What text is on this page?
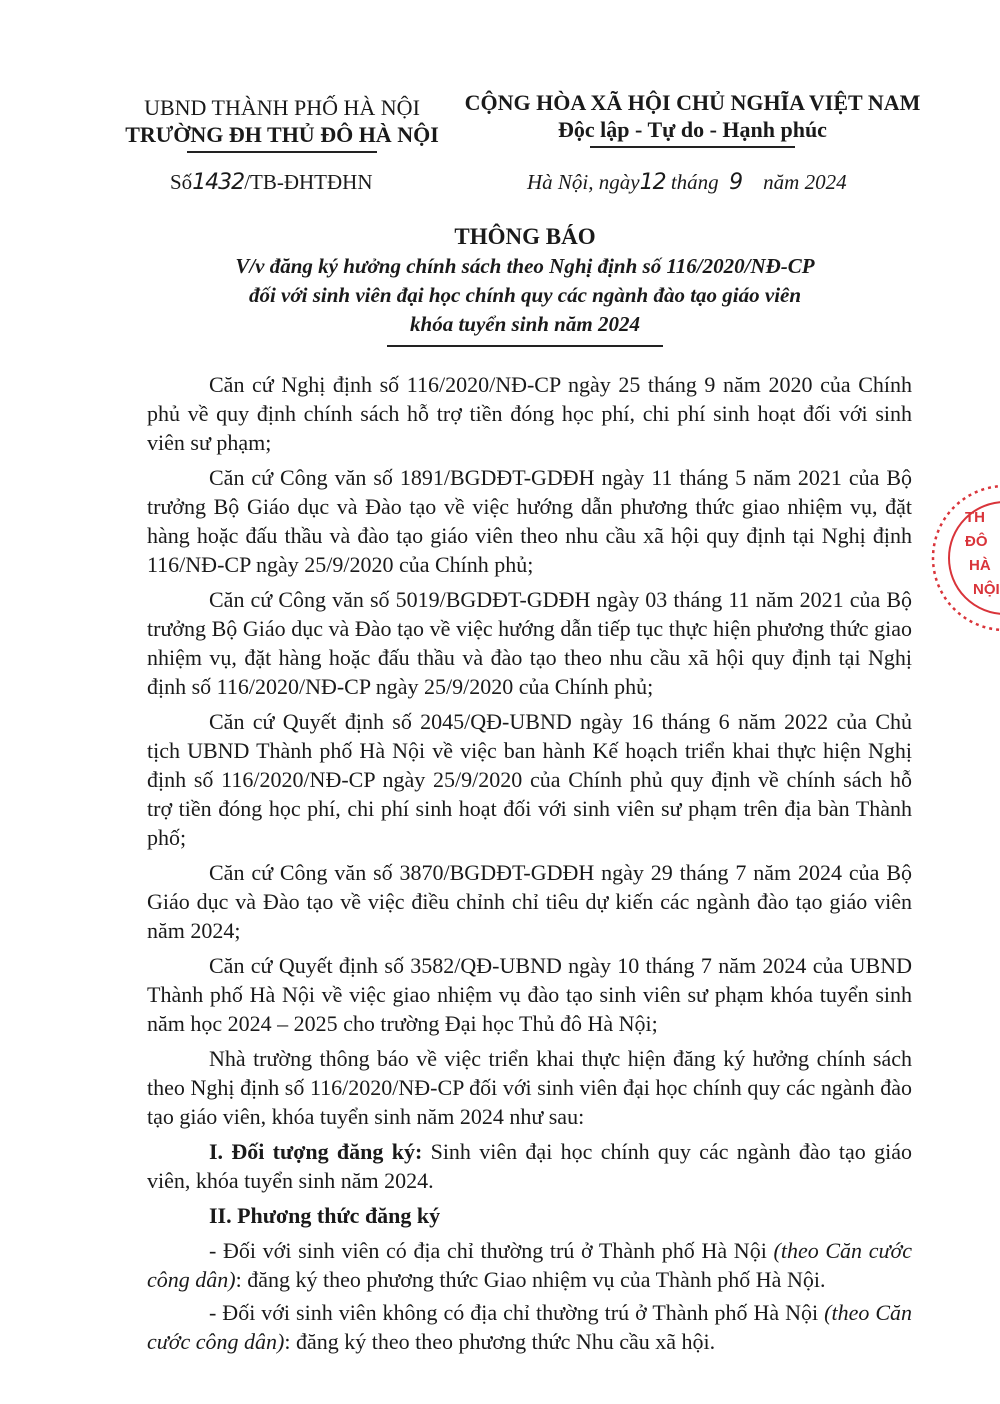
UBND THÀNH PHỐ HÀ NỘI
TRƯỜNG ĐH THỦ ĐÔ HÀ NỘI
CỘNG HÒA XÃ HỘI CHỦ NGHĨA VIỆT NAM
Độc lập - Tự do - Hạnh phúc
Số1432/TB-ĐHTĐHN	Hà Nội, ngày12 tháng 9 năm 2024
THÔNG BÁO
V/v đăng ký hưởng chính sách theo Nghị định số 116/2020/NĐ-CP
đối với sinh viên đại học chính quy các ngành đào tạo giáo viên
khóa tuyển sinh năm 2024

Căn cứ Nghị định số 116/2020/NĐ-CP ngày 25 tháng 9 năm 2020 của Chính phủ về quy định chính sách hỗ trợ tiền đóng học phí, chi phí sinh hoạt đối với sinh viên sư phạm;

Căn cứ Công văn số 1891/BGDĐT-GDĐH ngày 11 tháng 5 năm 2021 của Bộ trưởng Bộ Giáo dục và Đào tạo về việc hướng dẫn phương thức giao nhiệm vụ, đặt hàng hoặc đấu thầu và đào tạo giáo viên theo nhu cầu xã hội quy định tại Nghị định 116/NĐ-CP ngày 25/9/2020 của Chính phủ;

Căn cứ Công văn số 5019/BGDĐT-GDĐH ngày 03 tháng 11 năm 2021 của Bộ trưởng Bộ Giáo dục và Đào tạo về việc hướng dẫn tiếp tục thực hiện phương thức giao nhiệm vụ, đặt hàng hoặc đấu thầu và đào tạo theo nhu cầu xã hội quy định tại Nghị định số 116/2020/NĐ-CP ngày 25/9/2020 của Chính phủ;

Căn cứ Quyết định số 2045/QĐ-UBND ngày 16 tháng 6 năm 2022 của Chủ tịch UBND Thành phố Hà Nội về việc ban hành Kế hoạch triển khai thực hiện Nghị định số 116/2020/NĐ-CP ngày 25/9/2020 của Chính phủ quy định về chính sách hỗ trợ tiền đóng học phí, chi phí sinh hoạt đối với sinh viên sư phạm trên địa bàn Thành phố;

Căn cứ Công văn số 3870/BGDĐT-GDĐH ngày 29 tháng 7 năm 2024 của Bộ Giáo dục và Đào tạo về việc điều chỉnh chỉ tiêu dự kiến các ngành đào tạo giáo viên năm 2024;

Căn cứ Quyết định số 3582/QĐ-UBND ngày 10 tháng 7 năm 2024 của UBND Thành phố Hà Nội về việc giao nhiệm vụ đào tạo sinh viên sư phạm khóa tuyển sinh năm học 2024 – 2025 cho trường Đại học Thủ đô Hà Nội;

Nhà trường thông báo về việc triển khai thực hiện đăng ký hưởng chính sách theo Nghị định số 116/2020/NĐ-CP đối với sinh viên đại học chính quy các ngành đào tạo giáo viên, khóa tuyển sinh năm 2024 như sau:

I. Đối tượng đăng ký: Sinh viên đại học chính quy các ngành đào tạo giáo viên, khóa tuyển sinh năm 2024.

II. Phương thức đăng ký

- Đối với sinh viên có địa chỉ thường trú ở Thành phố Hà Nội (theo Căn cước công dân): đăng ký theo phương thức Giao nhiệm vụ của Thành phố Hà Nội.

- Đối với sinh viên không có địa chỉ thường trú ở Thành phố Hà Nội (theo Căn cước công dân): đăng ký theo theo phương thức Nhu cầu xã hội.

TH
ĐÔ
HÀ
NỘI
